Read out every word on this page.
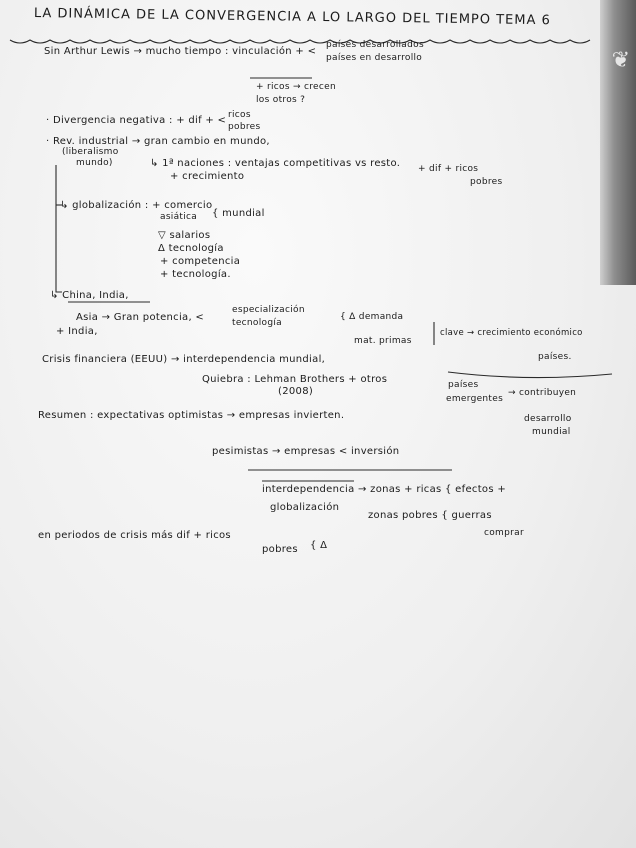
❦
LA DINÁMICA DE LA CONVERGENCIA A LO LARGO DEL TIEMPO TEMA 6
Sin Arthur Lewis → mucho tiempo : vinculación + <
países desarrollados
países en desarrollo
+ ricos → crecen
los otros ?
· Divergencia negativa : + dif + < ricos
pobres
· Rev. industrial → gran cambio en mundo,
(liberalismo
mundo)	↳ 1ª naciones : ventajas competitivas vs resto. + dif + ricos
pobres
+ crecimiento
↳ globalización : + comercio
{ mundial
asiática
▽ salarios
Δ tecnología
+ competencia
+ tecnología.
↳ China, India,
Asia → Gran potencia, <
especialización
tecnología
{ Δ demanda
mat. primas
clave → crecimiento económico
países.
+ India,
Crisis financiera (EEUU) → interdependencia mundial,
Quiebra : Lehman Brothers + otros
(2008)
países
emergentes
→ contribuyen
desarrollo
mundial
Resumen : expectativas optimistas → empresas invierten.
pesimistas → empresas < inversión
interdependencia → zonas + ricas { efectos +
globalización
zonas pobres { guerras
comprar
en periodos de crisis más dif + ricos
pobres { Δ
